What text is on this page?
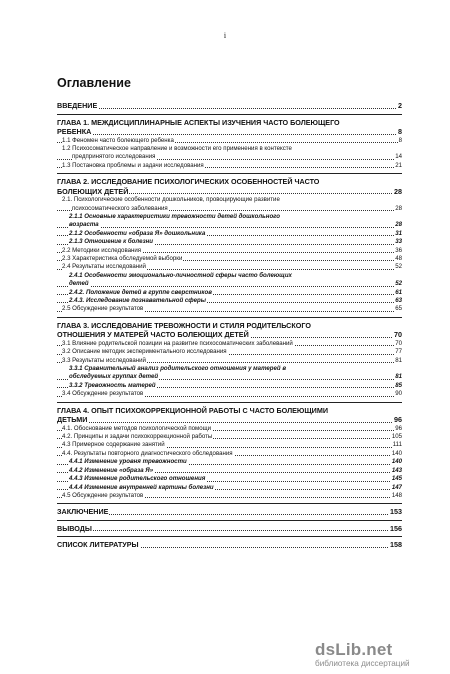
i
Оглавление
ВВЕДЕНИЕ	2
ГЛАВА 1. МЕЖДИСЦИПЛИНАРНЫЕ АСПЕКТЫ ИЗУЧЕНИЯ ЧАСТО БОЛЕЮЩЕГО
РЕБЕНКА	8
1.1 Феномен часто болеющего ребенка	8
1.2 Психосоматическое направление и возможности его применения в контексте
предпринятого исследования	14
1.3 Постановка проблемы и задачи исследования	21
ГЛАВА 2. ИССЛЕДОВАНИЕ ПСИХОЛОГИЧЕСКИХ ОСОБЕННОСТЕЙ ЧАСТО
БОЛЕЮЩИХ ДЕТЕЙ	28
2.1. Психологические особенности дошкольников, провоцирующие развитие
психосоматического заболевания	28
2.1.1 Основные характеристики тревожности детей дошкольного
возраста	28
2.1.2 Особенности «образа Я» дошкольника	31
2.1.3 Отношение к болезни	33
2.2 Методики исследования	36
2.3 Характеристика обследуемой выборки	48
2.4 Результаты исследований	52
2.4.1 Особенности эмоционально-личностной сферы часто болеющих
детей	52
2.4.2. Положение детей в группе сверстников	61
2.4.3. Исследование познавательной сферы	63
2.5 Обсуждение результатов	65
ГЛАВА 3. ИССЛЕДОВАНИЕ ТРЕВОЖНОСТИ И СТИЛЯ РОДИТЕЛЬСКОГО
ОТНОШЕНИЯ У МАТЕРЕЙ ЧАСТО БОЛЕЮЩИХ ДЕТЕЙ	70
3.1 Влияние родительской позиции на развитие психосоматических заболеваний	70
3.2 Описание методик экспериментального исследования	77
3.3 Результаты исследований	81
3.3.1 Сравнительный анализ родительского отношения у матерей в
обследуемых группах детей	81
3.3.2 Тревожность матерей	85
3.4 Обсуждение результатов	90
ГЛАВА 4. ОПЫТ ПСИХОКОРРЕКЦИОННОЙ РАБОТЫ С ЧАСТО БОЛЕЮЩИМИ
ДЕТЬМИ	96
4.1. Обоснование методов психологической помощи	96
4.2. Принципы и задачи психокоррекционной работы	105
4.3 Примерное содержание занятий	111
4.4. Результаты повторного диагностического обследования	140
4.4.1 Изменение уровня тревожности	140
4.4.2 Изменение «образа Я»	143
4.4.3 Изменение родительского отношения	145
4.4.4 Изменение внутренней картины болезни	147
4.5 Обсуждение результатов	148
ЗАКЛЮЧЕНИЕ	153
ВЫВОДЫ	156
СПИСОК ЛИТЕРАТУРЫ	158
dsLib.net
библиотека диссертаций
